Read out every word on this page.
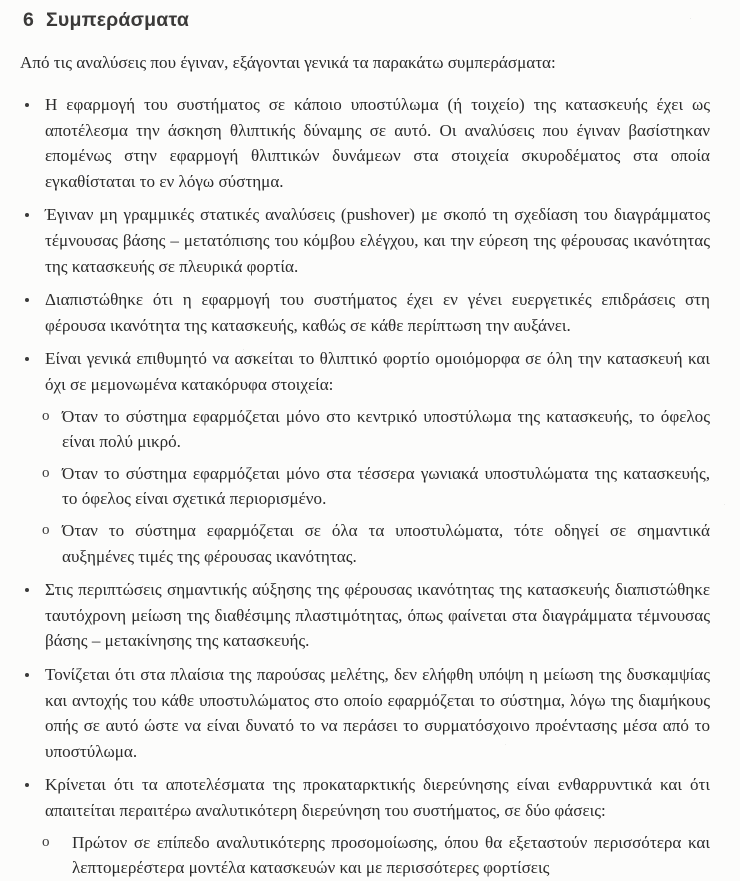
6 Συμπεράσματα

Από τις αναλύσεις που έγιναν, εξάγονται γενικά τα παρακάτω συμπεράσματα:

Η εφαρμογή του συστήματος σε κάποιο υποστύλωμα (ή τοιχείο) της κατασκευής έχει ως αποτέλεσμα την άσκηση θλιπτικής δύναμης σε αυτό. Οι αναλύσεις που έγιναν βασίστηκαν επομένως στην εφαρμογή θλιπτικών δυνάμεων στα στοιχεία σκυροδέματος στα οποία εγκαθίσταται το εν λόγω σύστημα.
Έγιναν μη γραμμικές στατικές αναλύσεις (pushover) με σκοπό τη σχεδίαση του διαγράμματος τέμνουσας βάσης – μετατόπισης του κόμβου ελέγχου, και την εύρεση της φέρουσας ικανότητας της κατασκευής σε πλευρικά φορτία.
Διαπιστώθηκε ότι η εφαρμογή του συστήματος έχει εν γένει ευεργετικές επιδράσεις στη φέρουσα ικανότητα της κατασκευής, καθώς σε κάθε περίπτωση την αυξάνει.
Είναι γενικά επιθυμητό να ασκείται το θλιπτικό φορτίο ομοιόμορφα σε όλη την κατασκευή και όχι σε μεμονωμένα κατακόρυφα στοιχεία:
o Όταν το σύστημα εφαρμόζεται μόνο στο κεντρικό υποστύλωμα της κατασκευής, το όφελος είναι πολύ μικρό.
o Όταν το σύστημα εφαρμόζεται μόνο στα τέσσερα γωνιακά υποστυλώματα της κατασκευής, το όφελος είναι σχετικά περιορισμένο.
o Όταν το σύστημα εφαρμόζεται σε όλα τα υποστυλώματα, τότε οδηγεί σε σημαντικά αυξημένες τιμές της φέρουσας ικανότητας.
Στις περιπτώσεις σημαντικής αύξησης της φέρουσας ικανότητας της κατασκευής διαπιστώθηκε ταυτόχρονη μείωση της διαθέσιμης πλαστιμότητας, όπως φαίνεται στα διαγράμματα τέμνουσας βάσης – μετακίνησης της κατασκευής.
Τονίζεται ότι στα πλαίσια της παρούσας μελέτης, δεν ελήφθη υπόψη η μείωση της δυσκαμψίας και αντοχής του κάθε υποστυλώματος στο οποίο εφαρμόζεται το σύστημα, λόγω της διαμήκους οπής σε αυτό ώστε να είναι δυνατό το να περάσει το συρματόσχοινο προέντασης μέσα από το υποστύλωμα.
Κρίνεται ότι τα αποτελέσματα της προκαταρκτικής διερεύνησης είναι ενθαρρυντικά και ότι απαιτείται περαιτέρω αναλυτικότερη διερεύνηση του συστήματος, σε δύο φάσεις:
o	Πρώτον σε επίπεδο αναλυτικότερης προσομοίωσης, όπου θα εξεταστούν περισσότερα και λεπτομερέστερα μοντέλα κατασκευών και με περισσότερες φορτίσεις
